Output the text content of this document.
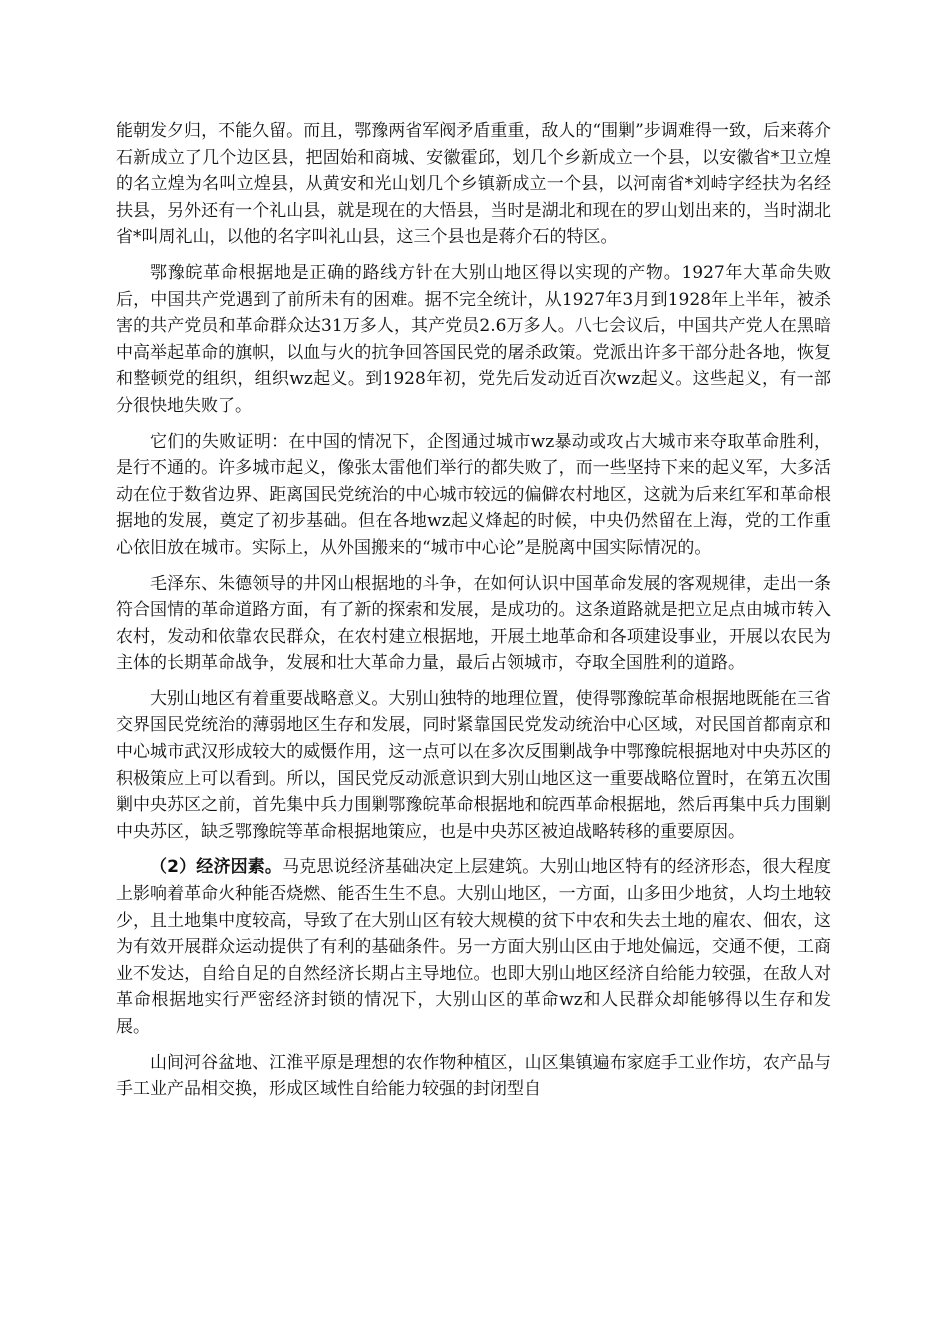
能朝发夕归，不能久留。而且，鄂豫两省军阀矛盾重重，敌人的“围剿”步调难得一致，后来蒋介石新成立了几个边区县，把固始和商城、安徽霍邱，划几个乡新成立一个县，以安徽省*卫立煌的名立煌为名叫立煌县，从黄安和光山划几个乡镇新成立一个县，以河南省*刘峙字经扶为名经扶县，另外还有一个礼山县，就是现在的大悟县，当时是湖北和现在的罗山划出来的，当时湖北省*叫周礼山，以他的名字叫礼山县，这三个县也是蒋介石的特区。

鄂豫皖革命根据地是正确的路线方针在大别山地区得以实现的产物。1927年大革命失败后，中国共产党遇到了前所未有的困难。据不完全统计，从1927年3月到1928年上半年，被杀害的共产党员和革命群众达31万多人，其产党员2.6万多人。八七会议后，中国共产党人在黑暗中高举起革命的旗帜，以血与火的抗争回答国民党的屠杀政策。党派出许多干部分赴各地，恢复和整顿党的组织，组织wz起义。到1928年初，党先后发动近百次wz起义。这些起义，有一部分很快地失败了。

它们的失败证明：在中国的情况下，企图通过城市wz暴动或攻占大城市来夺取革命胜利，是行不通的。许多城市起义，像张太雷他们举行的都失败了，而一些坚持下来的起义军，大多活动在位于数省边界、距离国民党统治的中心城市较远的偏僻农村地区，这就为后来红军和革命根据地的发展，奠定了初步基础。但在各地wz起义烽起的时候，中央仍然留在上海，党的工作重心依旧放在城市。实际上，从外国搬来的“城市中心论”是脱离中国实际情况的。

毛泽东、朱德领导的井冈山根据地的斗争，在如何认识中国革命发展的客观规律，走出一条符合国情的革命道路方面，有了新的探索和发展，是成功的。这条道路就是把立足点由城市转入农村，发动和依靠农民群众，在农村建立根据地，开展土地革命和各项建设事业，开展以农民为主体的长期革命战争，发展和壮大革命力量，最后占领城市，夺取全国胜利的道路。

大别山地区有着重要战略意义。大别山独特的地理位置，使得鄂豫皖革命根据地既能在三省交界国民党统治的薄弱地区生存和发展，同时紧靠国民党发动统治中心区域，对民国首都南京和中心城市武汉形成较大的威慑作用，这一点可以在多次反围剿战争中鄂豫皖根据地对中央苏区的积极策应上可以看到。所以，国民党反动派意识到大别山地区这一重要战略位置时，在第五次围剿中央苏区之前，首先集中兵力围剿鄂豫皖革命根据地和皖西革命根据地，然后再集中兵力围剿中央苏区，缺乏鄂豫皖等革命根据地策应，也是中央苏区被迫战略转移的重要原因。

（2）经济因素。马克思说经济基础决定上层建筑。大别山地区特有的经济形态，很大程度上影响着革命火种能否烧燃、能否生生不息。大别山地区，一方面，山多田少地贫，人均土地较少，且土地集中度较高，导致了在大别山区有较大规模的贫下中农和失去土地的雇农、佃农，这为有效开展群众运动提供了有利的基础条件。另一方面大别山区由于地处偏远，交通不便，工商业不发达，自给自足的自然经济长期占主导地位。也即大别山地区经济自给能力较强，在敌人对革命根据地实行严密经济封锁的情况下，大别山区的革命wz和人民群众却能够得以生存和发展。

山间河谷盆地、江淮平原是理想的农作物种植区，山区集镇遍布家庭手工业作坊，农产品与手工业产品相交换，形成区域性自给能力较强的封闭型自
